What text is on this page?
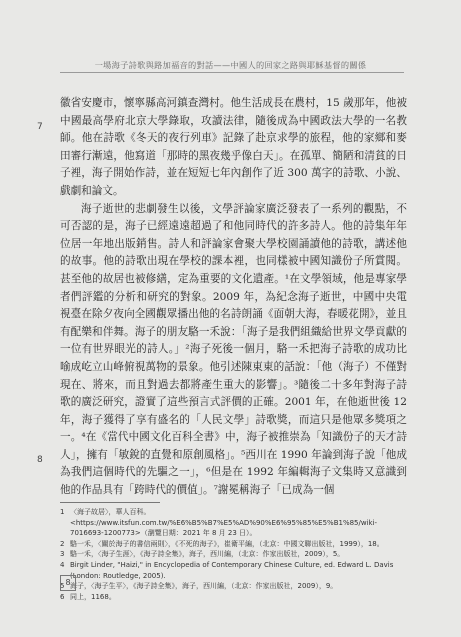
一場海子詩歌與路加福音的對話——中國人的回家之路與耶穌基督的關係
7
8

徽省安慶市，懷寧縣高河鎮查灣村。他生活成長在農村，15 歲那年，他被中國最高學府北京大學錄取，攻讀法律，隨後成為中國政法大學的一名教師。他在詩歌《冬天的夜行列車》記錄了赴京求學的旅程，他的家鄉和麥田審行漸遠，他寫道「那時的黑夜幾乎像白天」。在孤單、簡陋和清貧的日子裡，海子開始作詩，並在短短七年內創作了近 300 萬字的詩歌、小說、戲劇和論文。

海子逝世的悲劇發生以後，文學評論家廣泛發表了一系列的觀點，不可否認的是，海子已經遠遠超過了和他同時代的許多詩人。他的詩集年年位居一年地出版銷售。詩人和評論家會聚大學校園誦讀他的詩歌，講述他的故事。他的詩歌出現在學校的課本裡，也同樣被中國知識份子所賞閱。甚至他的故居也被修繕，定為重要的文化遺產。¹在文學領域，他是專家學者們評鑑的分析和研究的對象。2009 年，為紀念海子逝世，中國中央電視臺在除夕夜向全國觀眾播出他的名詩朗誦《面朝大海，春暖花開》，並且有配樂和伴舞。海子的朋友駱一禾說：「海子是我們組織給世界文學貢獻的一位有世界眼光的詩人。」²海子死後一個月，駱一禾把海子詩歌的成功比喻成屹立山峰俯視萬物的景象。他引述陳東東的話說：「他（海子）不僅對現在、將來，而且對過去都將產生重大的影響」。³隨後二十多年對海子詩歌的廣泛研究，證實了這些預言式評價的正確。2001 年，在他逝世後 12 年，海子獲得了享有盛名的「人民文學」詩歌獎，而這只是他眾多獎項之一。⁴在《當代中國文化百科全書》中，海子被推崇為「知識份子的天才詩人」，擁有「敏銳的直覺和原創風格」。⁵西川在 1990 年論到海子說「他成為我們這個時代的先驅之一」，⁶但是在 1992 年編輯海子文集時又意識到他的作品具有「跨時代的價值」。⁷謝冕稱海子「已成為一個

1 〈海子故居〉，華人百科。<https://www.itsfun.com.tw/%E6%B5%B7%E5%AD%90%E6%95%85%E5%B1%85/wiki-7016693-1200773>（瀏覽日期：2021 年 8 月 23 日）。
2 駱一禾，〈關於海子的書信兩則〉，《不死的海子》，崔衛平編，（北京：中國文聯出版社，1999），18。
3 駱一禾，〈海子生涯〉，《海子詩全集》，海子，西川編，（北京：作家出版社，2009），5。
4 Birgit Linder, "Haizi," in Encyclopedia of Contemporary Chinese Culture, ed. Edward L. Davis (London: Routledge, 2005).
5 海子，〈海子生平〉，《海子詩全集》，海子，西川編，（北京：作家出版社，2009），9。
6 同上，1168。
8
